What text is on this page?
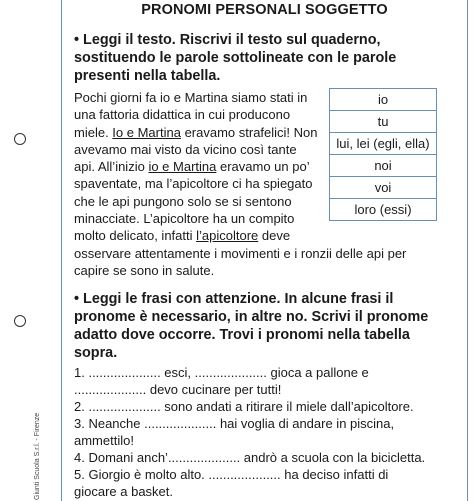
Giunti Scuola S.r.l. - Firenze
PRONOMI PERSONALI SOGGETTO
• Leggi il testo. Riscrivi il testo sul quaderno,
sostituendo le parole sottolineate con le parole
presenti nella tabella.

Pochi giorni fa io e Martina siamo stati in

una fattoria didattica in cui producono

miele. Io e Martina eravamo strafelici! Non

avevamo mai visto da vicino così tante

api. All’inizio io e Martina eravamo un po’

spaventate, ma l’apicoltore ci ha spiegato

che le api pungono solo se si sentono

minacciate. L’apicoltore ha un compito

molto delicato, infatti l’apicoltore deve

osservare attentamente i movimenti e i ronzii delle api per

capire se sono in salute.

io
tu
lui, lei (egli, ella)
noi
voi
loro (essi)
• Leggi le frasi con attenzione. In alcune frasi il
pronome è necessario, in altre no. Scrivi il pronome
adatto dove occorre. Trovi i pronomi nella tabella
sopra.
1. .................... esci, .................... gioca a pallone e
.................... devo cucinare per tutti!
2. .................... sono andati a ritirare il miele dall’apicoltore.
3. Neanche .................... hai voglia di andare in piscina,
ammettilo!
4. Domani anch’.................... andrò a scuola con la bicicletta.
5. Giorgio è molto alto. .................... ha deciso infatti di
giocare a basket.
